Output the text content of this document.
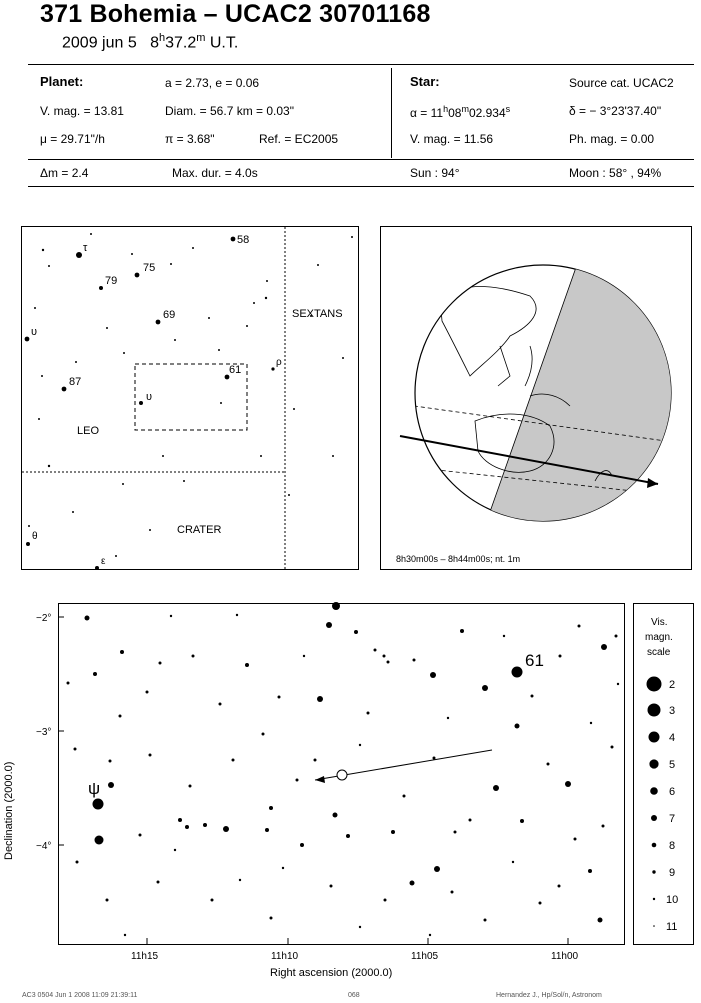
371 Bohemia – UCAC2 30701168
2009 jun 5 8$^h$37.2$^m$ U.T.
Planet:	a = 2.73, e = 0.06
V. mag. = 13.81	Diam. = 56.7 km = 0.03"
μ = 29.71"/h	π = 3.68"	Ref. = EC2005
Star:	Source cat. UCAC2
$\alpha = 11^h08^m02.934^s$	δ = − 3°23'37.40"
V. mag. = 11.56	Ph. mag. = 0.00
Δm = 2.4	Max. dur. = 4.0s	Sun : 94°	Moon : 58° , 94%
58
79
75
69
61
87
LEO
SEXTANS
CRATER
τ
υ
ρ
υ
θ
ε	8h30m00s – 8h44m00s; nt. 1m
−2°
−3°
−4°
11h15	11h10	11h05	11h00
Right ascension (2000.0)
Declination (2000.0)
61
ψ
Vis.
magn.
scale
2
3
4
5
6
7
8
9
10
11
AC3 0504 Jun 1 2008 11:09 21:39:11	068	Hernandez J., Hp/Sol/n, Astronom
